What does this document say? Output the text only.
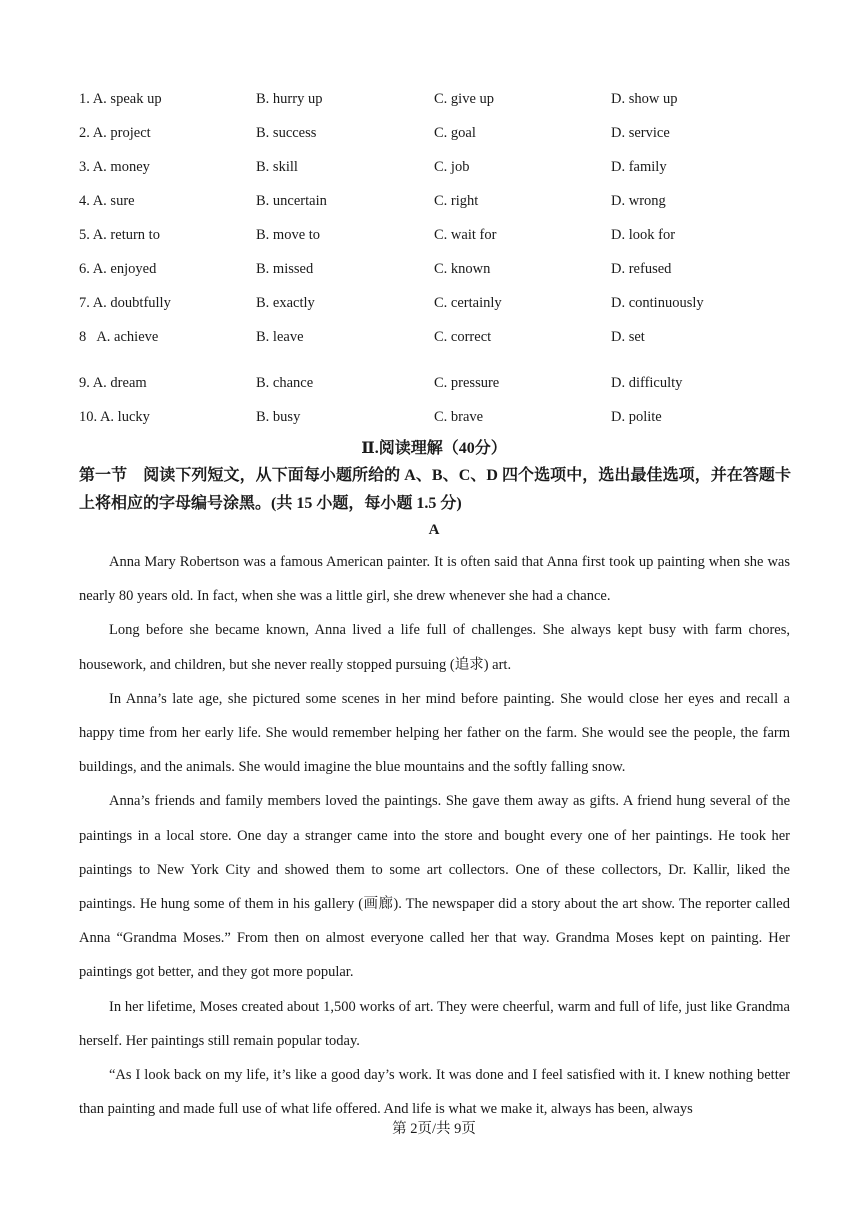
1. A. speak up	B. hurry up	C. give up	D. show up
2. A. project	B. success	C. goal	D. service
3. A. money	B. skill	C. job	D. family
4. A. sure	B. uncertain	C. right	D. wrong
5. A. return to	B. move to	C. wait for	D. look for
6. A. enjoyed	B. missed	C. known	D. refused
7. A. doubtfully	B. exactly	C. certainly	D. continuously
8 A. achieve	B. leave	C. correct	D. set
9. A. dream	B. chance	C. pressure	D. difficulty
10. A. lucky	B. busy	C. brave	D. polite
Ⅱ.阅读理解（40分）
第一节　阅读下列短文，从下面每小题所给的 A、B、C、D 四个选项中，选出最佳选项，并在答题卡上将相应的字母编号涂黑。(共 15 小题，每小题 1.5 分)
A

Anna Mary Robertson was a famous American painter. It is often said that Anna first took up painting when she was nearly 80 years old. In fact, when she was a little girl, she drew whenever she had a chance.

Long before she became known, Anna lived a life full of challenges. She always kept busy with farm chores, housework, and children, but she never really stopped pursuing (追求) art.

In Anna’s late age, she pictured some scenes in her mind before painting. She would close her eyes and recall a happy time from her early life. She would remember helping her father on the farm. She would see the people, the farm buildings, and the animals. She would imagine the blue mountains and the softly falling snow.

Anna’s friends and family members loved the paintings. She gave them away as gifts. A friend hung several of the paintings in a local store. One day a stranger came into the store and bought every one of her paintings. He took her paintings to New York City and showed them to some art collectors. One of these collectors, Dr. Kallir, liked the paintings. He hung some of them in his gallery (画廊). The newspaper did a story about the art show. The reporter called Anna “Grandma Moses.” From then on almost everyone called her that way. Grandma Moses kept on painting. Her paintings got better, and they got more popular.

In her lifetime, Moses created about 1,500 works of art. They were cheerful, warm and full of life, just like Grandma herself. Her paintings still remain popular today.

“As I look back on my life, it’s like a good day’s work. It was done and I feel satisfied with it. I knew nothing better than painting and made full use of what life offered. And life is what we make it, always has been, always

第 2页/共 9页
